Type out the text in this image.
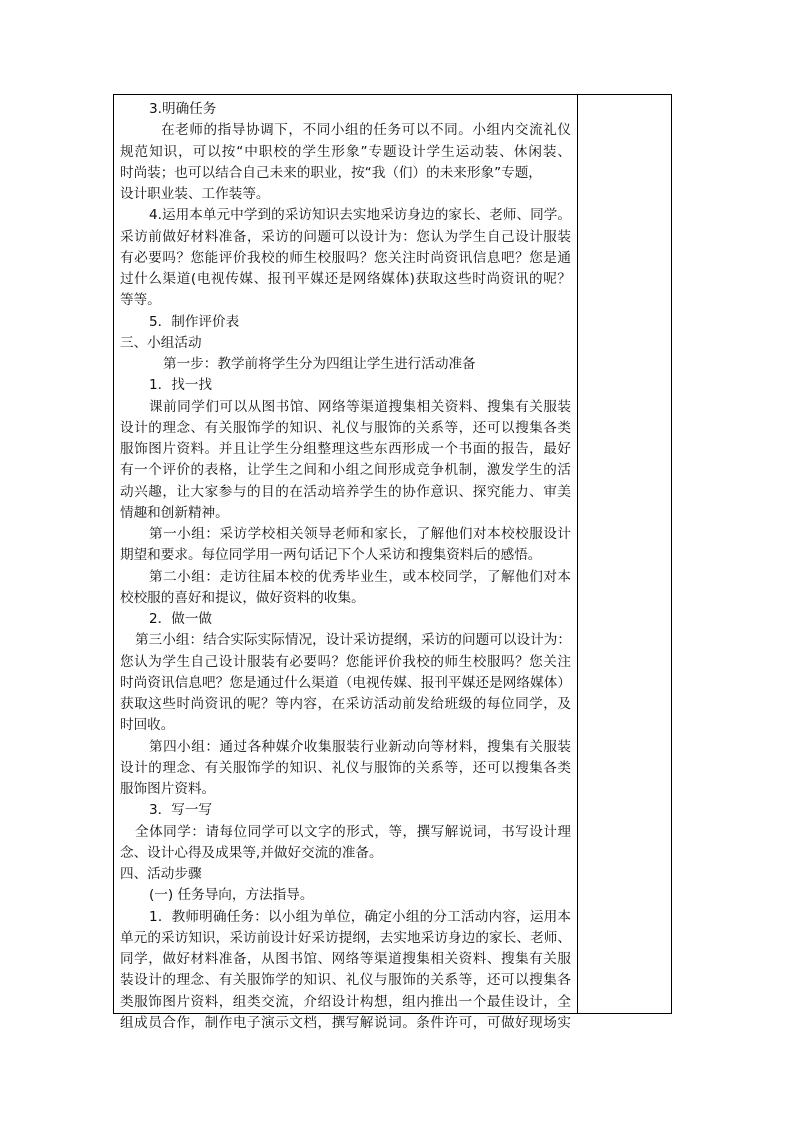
3.明确任务
在老师的指导协调下，不同小组的任务可以不同。小组内交流礼仪
规范知识，可以按“中职校的学生形象”专题设计学生运动装、休闲装、
时尚装；也可以结合自己未来的职业，按“我（们）的未来形象”专题，
设计职业装、工作装等。
4.运用本单元中学到的采访知识去实地采访身边的家长、老师、同学。
采访前做好材料准备，采访的问题可以设计为：您认为学生自己设计服装
有必要吗？您能评价我校的师生校服吗？您关注时尚资讯信息吧？您是通
过什么渠道(电视传媒、报刊平媒还是网络媒体)获取这些时尚资讯的呢？
等等。
5．制作评价表
三、小组活动
第一步：教学前将学生分为四组让学生进行活动准备
1．找一找
课前同学们可以从图书馆、网络等渠道搜集相关资料、搜集有关服装
设计的理念、有关服饰学的知识、礼仪与服饰的关系等，还可以搜集各类
服饰图片资料。并且让学生分组整理这些东西形成一个书面的报告，最好
有一个评价的表格，让学生之间和小组之间形成竞争机制，激发学生的活
动兴趣，让大家参与的目的在活动培养学生的协作意识、探究能力、审美
情趣和创新精神。
第一小组：采访学校相关领导老师和家长，了解他们对本校校服设计
期望和要求。每位同学用一两句话记下个人采访和搜集资料后的感悟。
第二小组：走访往届本校的优秀毕业生，或本校同学，了解他们对本
校校服的喜好和提议，做好资料的收集。
2．做一做
第三小组：结合实际实际情况，设计采访提纲，采访的问题可以设计为：
您认为学生自己设计服装有必要吗？您能评价我校的师生校服吗？您关注
时尚资讯信息吧？您是通过什么渠道（电视传媒、报刊平媒还是网络媒体）
获取这些时尚资讯的呢？等内容，在采访活动前发给班级的每位同学，及
时回收。
第四小组：通过各种媒介收集服装行业新动向等材料，搜集有关服装
设计的理念、有关服饰学的知识、礼仪与服饰的关系等，还可以搜集各类
服饰图片资料。
3．写一写
全体同学：请每位同学可以文字的形式，等，撰写解说词，书写设计理
念、设计心得及成果等,并做好交流的准备。
四、活动步骤
(一) 任务导向，方法指导。
1．教师明确任务：以小组为单位，确定小组的分工活动内容，运用本
单元的采访知识，采访前设计好采访提纲，去实地采访身边的家长、老师、
同学，做好材料准备，从图书馆、网络等渠道搜集相关资料、搜集有关服
装设计的理念、有关服饰学的知识、礼仪与服饰的关系等，还可以搜集各
类服饰图片资料，组类交流，介绍设计构想，组内推出一个最佳设计，全
组成员合作，制作电子演示文档，撰写解说词。条件许可，可做好现场实
